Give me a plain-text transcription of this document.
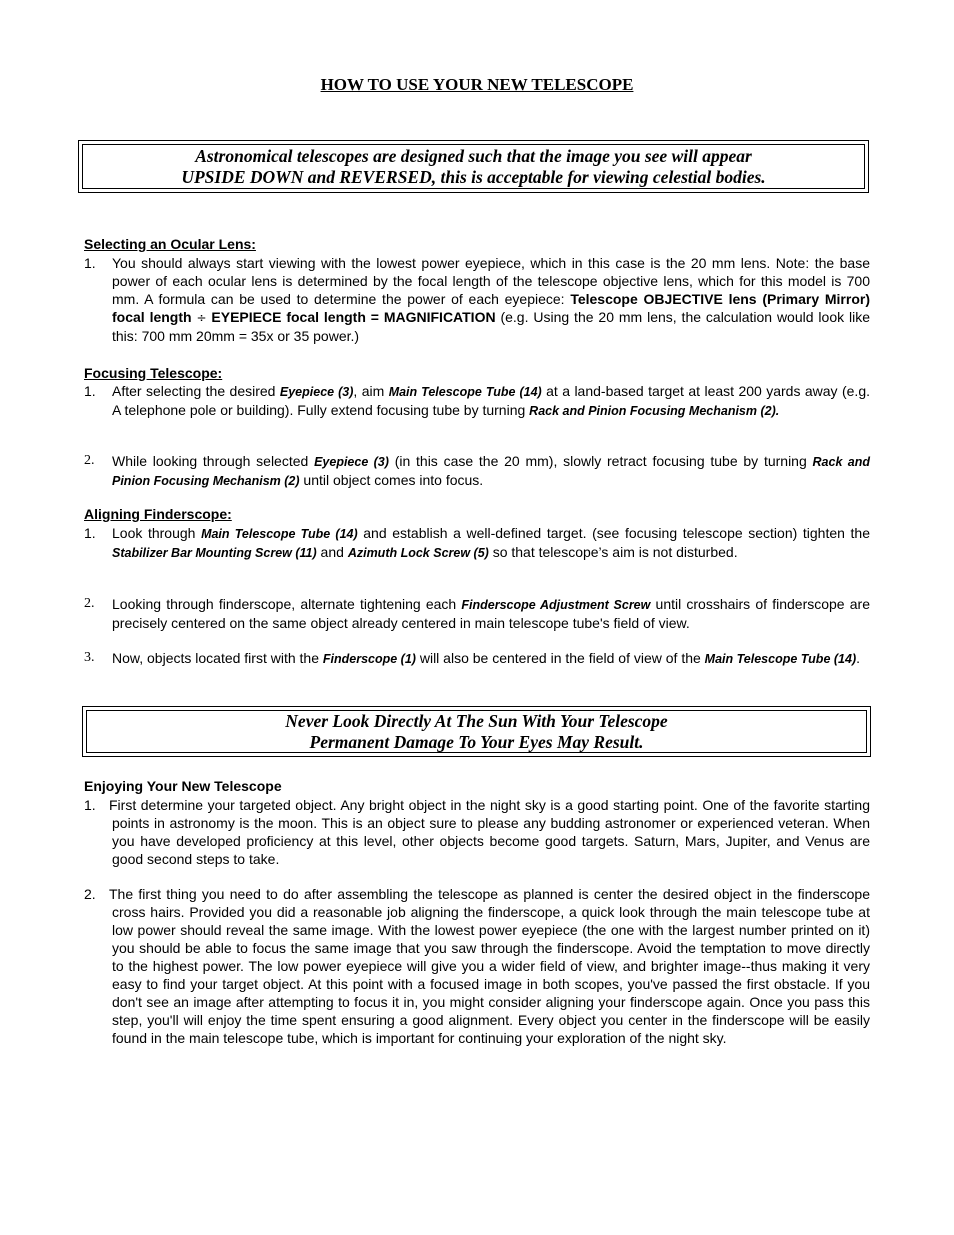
HOW TO USE YOUR NEW TELESCOPE
Astronomical telescopes are designed such that the image you see will appear
UPSIDE DOWN and REVERSED, this is acceptable for viewing celestial bodies.
Selecting an Ocular Lens:
1. You should always start viewing with the lowest power eyepiece, which in this case is the 20 mm lens. Note: the base power of each ocular lens is determined by the focal length of the telescope objective lens, which for this model is 700 mm. A formula can be used to determine the power of each eyepiece: Telescope OBJECTIVE lens (Primary Mirror) focal length ÷ EYEPIECE focal length = MAGNIFICATION (e.g. Using the 20 mm lens, the calculation would look like this: 700 mm 20mm = 35x or 35 power.)
Focusing Telescope:
1. After selecting the desired Eyepiece (3), aim Main Telescope Tube (14) at a land-based target at least 200 yards away (e.g. A telephone pole or building). Fully extend focusing tube by turning Rack and Pinion Focusing Mechanism (2).
2. While looking through selected Eyepiece (3) (in this case the 20 mm), slowly retract focusing tube by turning Rack and Pinion Focusing Mechanism (2) until object comes into focus.
Aligning Finderscope:
1. Look through Main Telescope Tube (14) and establish a well-defined target. (see focusing telescope section) tighten the Stabilizer Bar Mounting Screw (11) and Azimuth Lock Screw (5) so that telescope’s aim is not disturbed.
2. Looking through finderscope, alternate tightening each Finderscope Adjustment Screw until crosshairs of finderscope are precisely centered on the same object already centered in main telescope tube's field of view.
3. Now, objects located first with the Finderscope (1) will also be centered in the field of view of the Main Telescope Tube (14).
Never Look Directly At The Sun With Your Telescope
Permanent Damage To Your Eyes May Result.
Enjoying Your New Telescope
1. First determine your targeted object. Any bright object in the night sky is a good starting point. One of the favorite starting points in astronomy is the moon. This is an object sure to please any budding astronomer or experienced veteran. When you have developed proficiency at this level, other objects become good targets. Saturn, Mars, Jupiter, and Venus are good second steps to take.
2. The first thing you need to do after assembling the telescope as planned is center the desired object in the finderscope cross hairs. Provided you did a reasonable job aligning the finderscope, a quick look through the main telescope tube at low power should reveal the same image. With the lowest power eyepiece (the one with the largest number printed on it) you should be able to focus the same image that you saw through the finderscope. Avoid the temptation to move directly to the highest power. The low power eyepiece will give you a wider field of view, and brighter image--thus making it very easy to find your target object. At this point with a focused image in both scopes, you've passed the first obstacle. If you don't see an image after attempting to focus it in, you might consider aligning your finderscope again. Once you pass this step, you'll will enjoy the time spent ensuring a good alignment. Every object you center in the finderscope will be easily found in the main telescope tube, which is important for continuing your exploration of the night sky.
